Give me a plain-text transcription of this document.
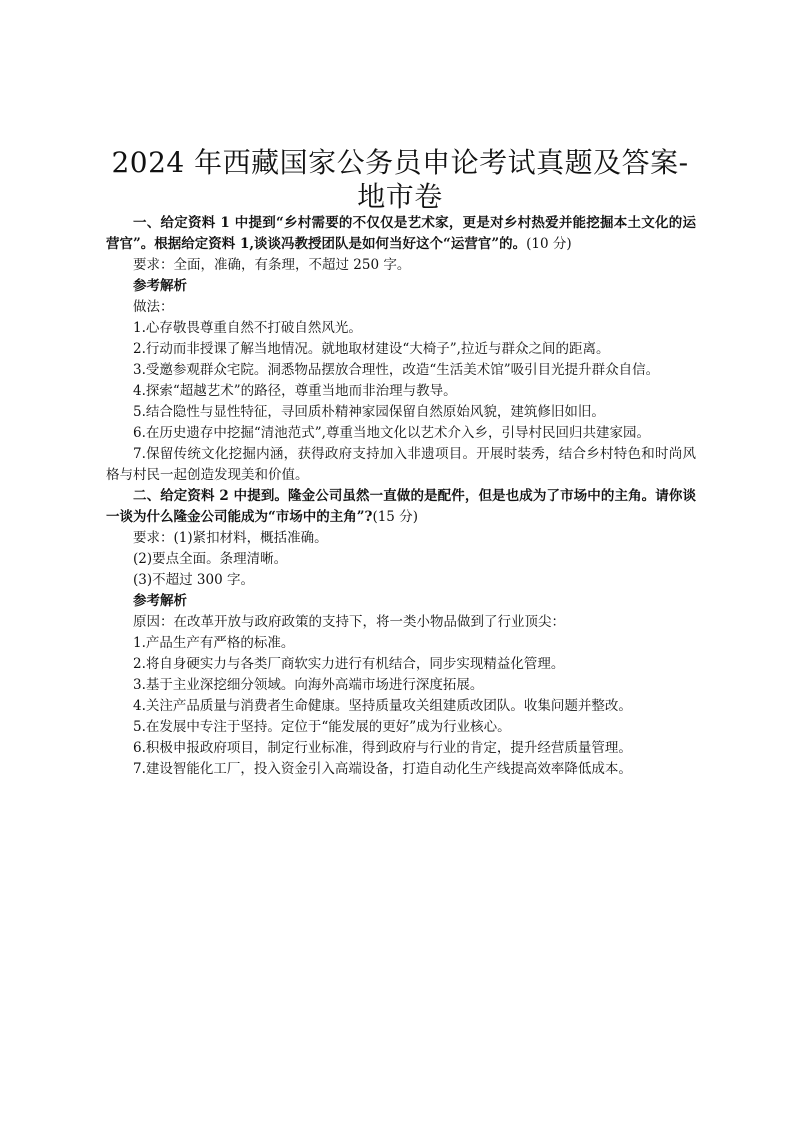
2024 年西藏国家公务员申论考试真题及答案-
地市卷

一、给定资料 1 中提到“乡村需要的不仅仅是艺术家，更是对乡村热爱并能挖掘本土文化的运营官”。根据给定资料 1,谈谈冯教授团队是如何当好这个“运营官”的。(10 分)

要求：全面，准确，有条理，不超过 250 字。

参考解析

做法：

1.心存敬畏尊重自然不打破自然风光。

2.行动而非授课了解当地情况。就地取材建设“大椅子”,拉近与群众之间的距离。

3.受邀参观群众宅院。洞悉物品摆放合理性，改造“生活美术馆”吸引目光提升群众自信。

4.探索“超越艺术”的路径，尊重当地而非治理与教导。

5.结合隐性与显性特征，寻回质朴精神家园保留自然原始风貌，建筑修旧如旧。

6.在历史遗存中挖掘“清池范式”,尊重当地文化以艺术介入乡，引导村民回归共建家园。

7.保留传统文化挖掘内涵，获得政府支持加入非遗项目。开展时装秀，结合乡村特色和时尚风格与村民一起创造发现美和价值。

二、给定资料 2 中提到。隆金公司虽然一直做的是配件，但是也成为了市场中的主角。请你谈一谈为什么隆金公司能成为“市场中的主角”?(15 分)

要求：(1)紧扣材料，概括准确。

(2)要点全面。条理清晰。

(3)不超过 300 字。

参考解析

原因：在改革开放与政府政策的支持下，将一类小物品做到了行业顶尖：

1.产品生产有严格的标准。

2.将自身硬实力与各类厂商软实力进行有机结合，同步实现精益化管理。

3.基于主业深挖细分领域。向海外高端市场进行深度拓展。

4.关注产品质量与消费者生命健康。坚持质量攻关组建质改团队。收集问题并整改。

5.在发展中专注于坚持。定位于“能发展的更好”成为行业核心。

6.积极申报政府项目，制定行业标准，得到政府与行业的肯定，提升经营质量管理。

7.建设智能化工厂，投入资金引入高端设备，打造自动化生产线提高效率降低成本。
